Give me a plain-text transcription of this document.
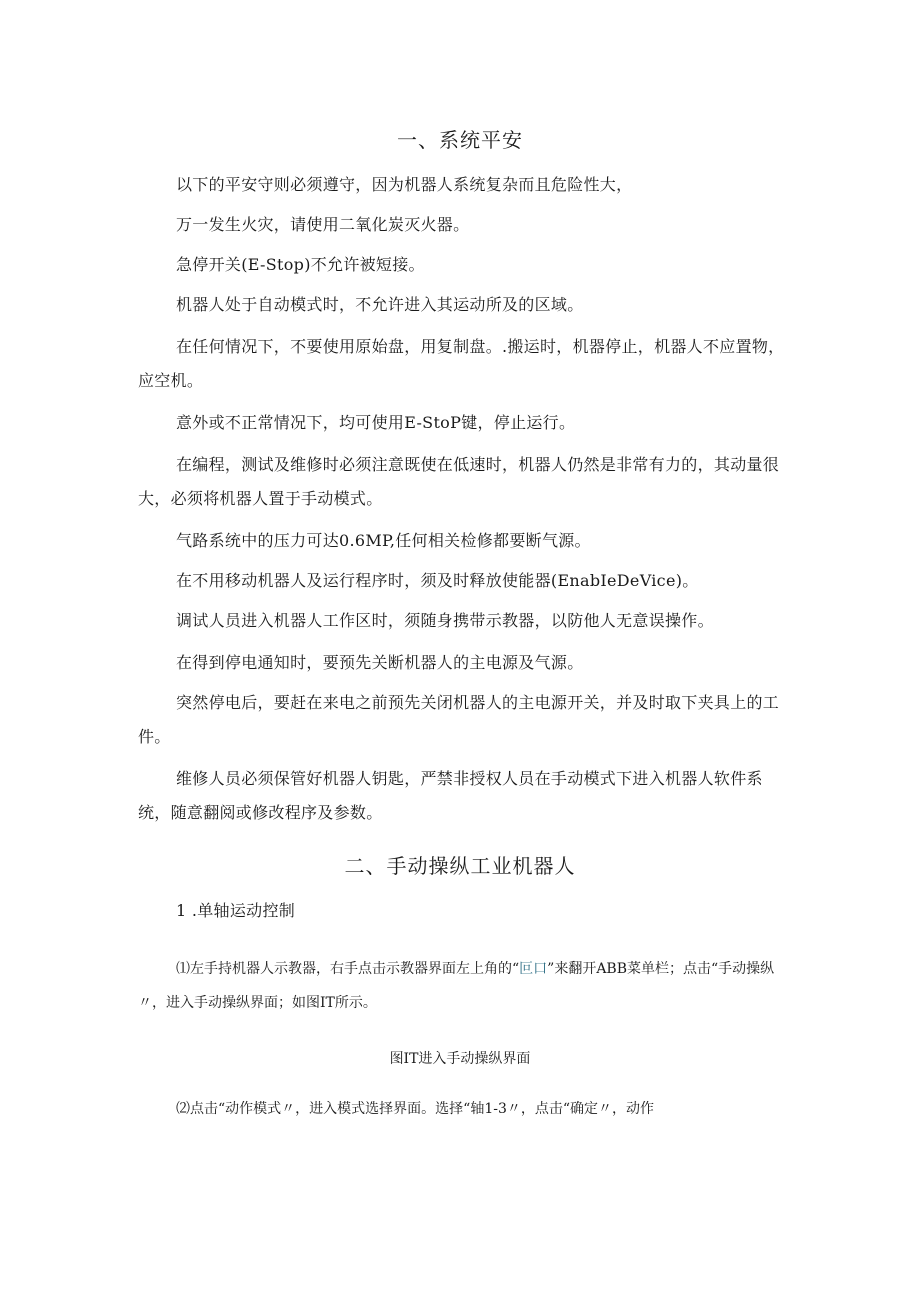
一、系统平安
以下的平安守则必须遵守，因为机器人系统复杂而且危险性大，
万一发生火灾，请使用二氧化炭灭火器。
急停开关(E-Stop)不允许被短接。
机器人处于自动模式时，不允许进入其运动所及的区域。
在任何情况下，不要使用原始盘，用复制盘。.搬运时，机器停止，机器人不应置物，应空机。
意外或不正常情况下，均可使用E-StoP键，停止运行。
在编程，测试及维修时必须注意既使在低速时，机器人仍然是非常有力的，其动量很大，必须将机器人置于手动模式。
气路系统中的压力可达0.6MP,任何相关检修都要断气源。
在不用移动机器人及运行程序时，须及时释放使能器(EnabIeDeVice)。
调试人员进入机器人工作区时，须随身携带示教器，以防他人无意误操作。
在得到停电通知时，要预先关断机器人的主电源及气源。
突然停电后，要赶在来电之前预先关闭机器人的主电源开关，并及时取下夹具上的工件。
维修人员必须保管好机器人钥匙，严禁非授权人员在手动模式下进入机器人软件系统，随意翻阅或修改程序及参数。
二、手动操纵工业机器人
1 .单轴运动控制
⑴左手持机器人示教器，右手点击示教器界面左上角的“叵口”来翻开ABB菜单栏；点击“手动操纵〃，进入手动操纵界面；如图IT所示。
图IT进入手动操纵界面
⑵点击“动作模式〃，进入模式选择界面。选择“轴1-3〃，点击“确定〃，动作
